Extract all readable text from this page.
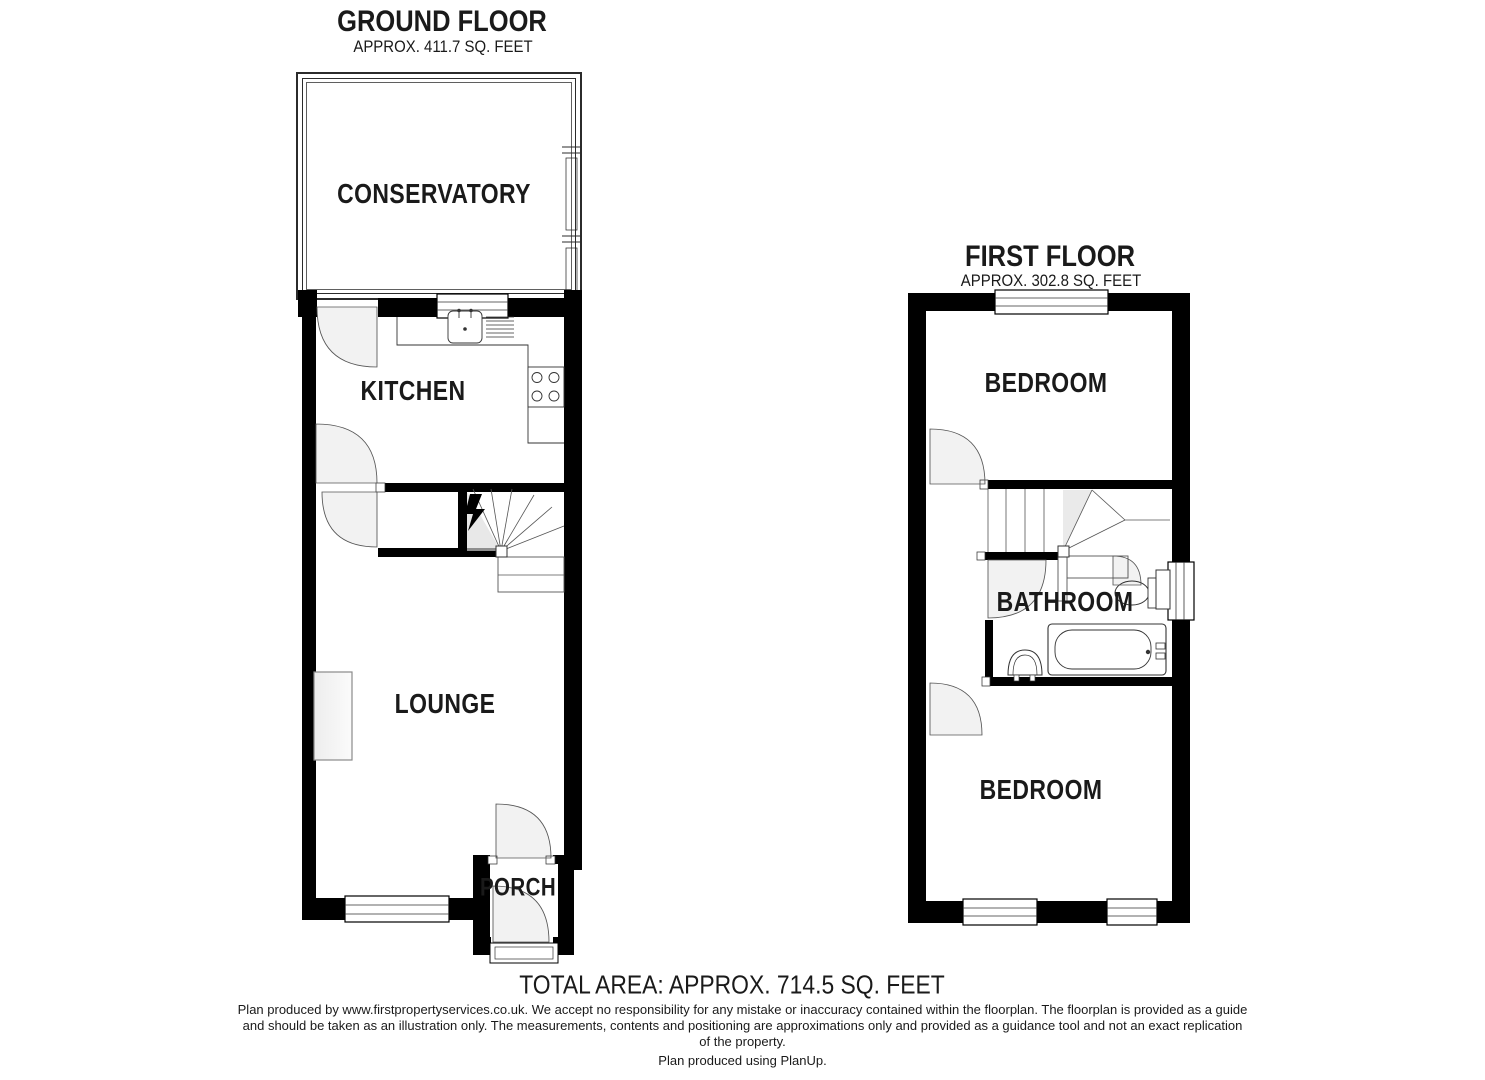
GROUND FLOOR
APPROX. 411.7 SQ. FEET
FIRST FLOOR
APPROX. 302.8 SQ. FEET
CONSERVATORY
KITCHEN
LOUNGE
PORCH
BEDROOM
BATHROOM
BEDROOM
TOTAL AREA: APPROX. 714.5 SQ. FEET
Plan produced by www.firstpropertyservices.co.uk. We accept no responsibility for any mistake or inaccuracy contained within the floorplan. The floorplan is provided as a guide and should be taken as an illustration only. The measurements, contents and positioning are approximations only and provided as a guidance tool and not an exact replication of the property.
Plan produced using PlanUp.
